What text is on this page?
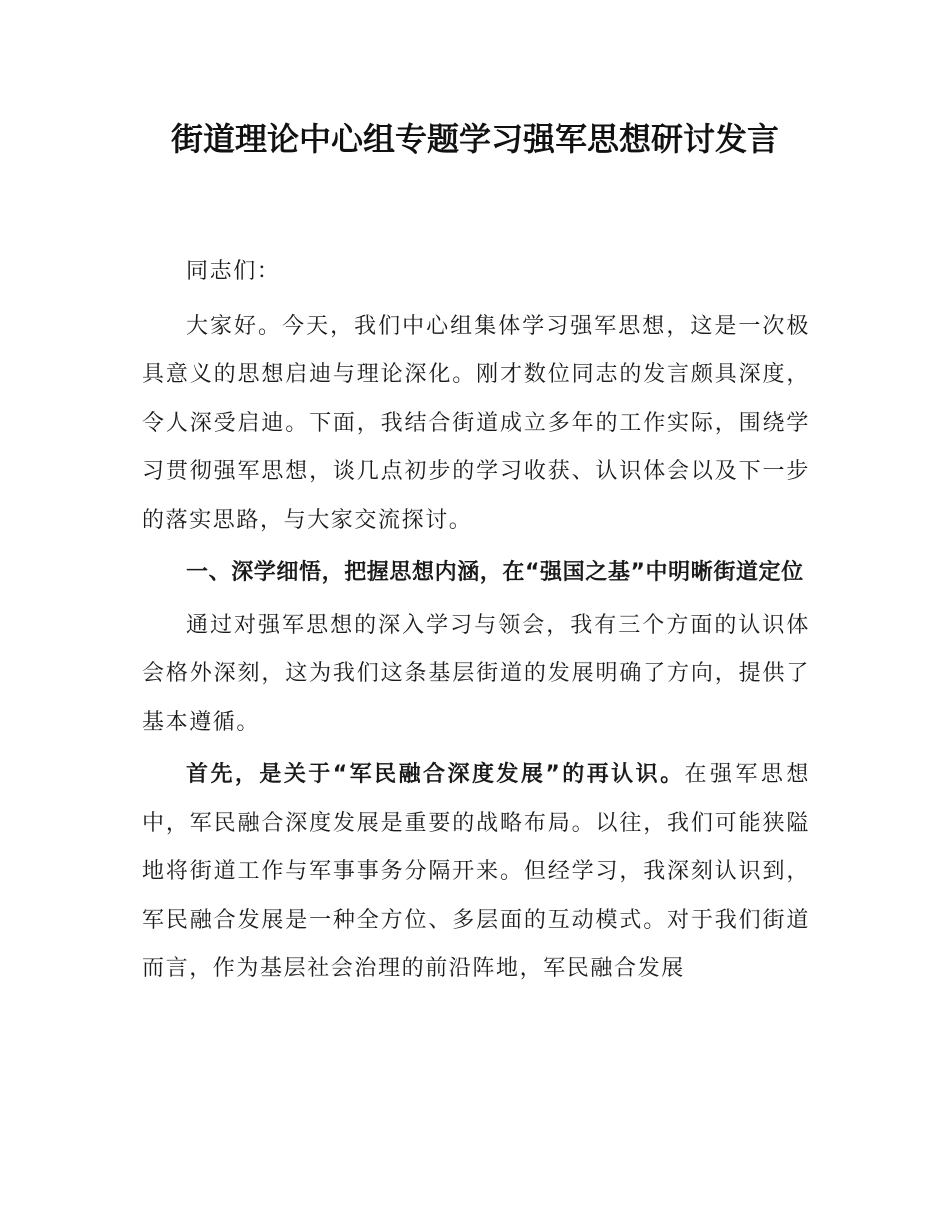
街道理论中心组专题学习强军思想研讨发言

同志们：

大家好。今天，我们中心组集体学习强军思想，这是一次极具意义的思想启迪与理论深化。刚才数位同志的发言颇具深度，令人深受启迪。下面，我结合街道成立多年的工作实际，围绕学习贯彻强军思想，谈几点初步的学习收获、认识体会以及下一步的落实思路，与大家交流探讨。

一、深学细悟，把握思想内涵，在“强国之基”中明晰街道定位

通过对强军思想的深入学习与领会，我有三个方面的认识体会格外深刻，这为我们这条基层街道的发展明确了方向，提供了基本遵循。

首先，是关于“军民融合深度发展”的再认识。在强军思想中，军民融合深度发展是重要的战略布局。以往，我们可能狭隘地将街道工作与军事事务分隔开来。但经学习，我深刻认识到，军民融合发展是一种全方位、多层面的互动模式。对于我们街道而言，作为基层社会治理的前沿阵地，军民融合发展
